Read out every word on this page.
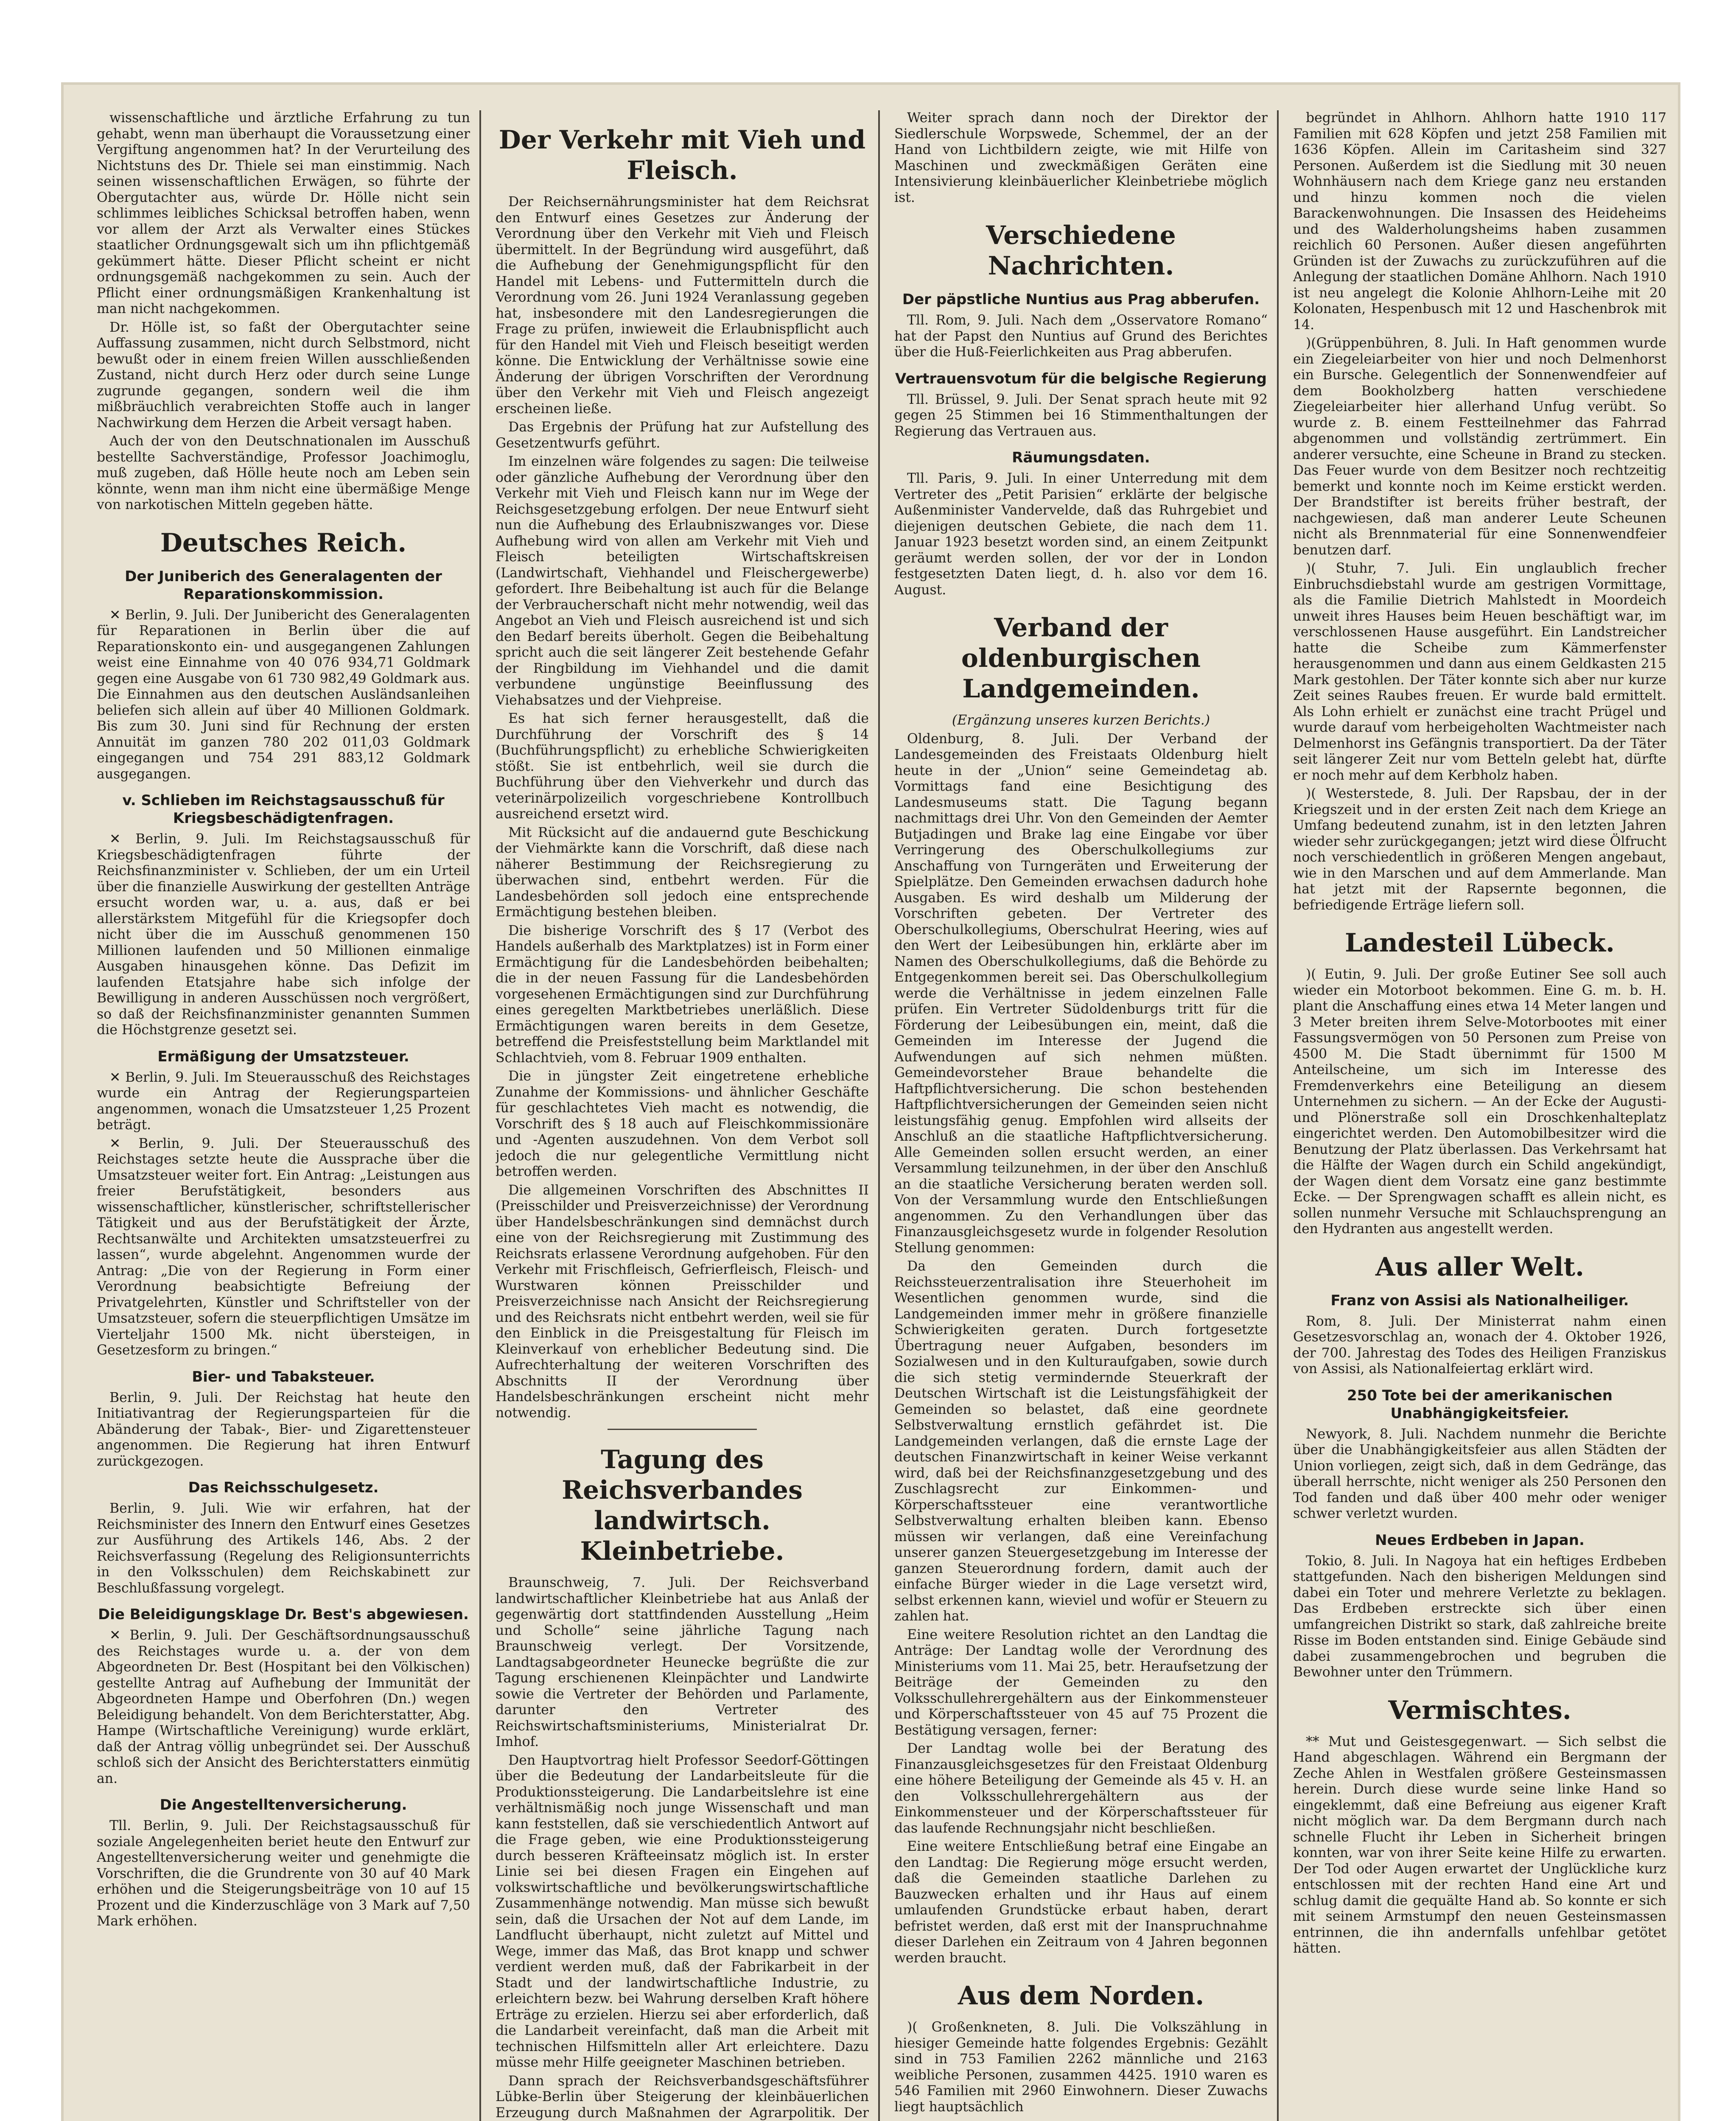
wissenschaftliche und ärztliche Erfahrung zu tun gehabt, wenn man überhaupt die Voraussetzung einer Vergiftung angenommen hat? In der Verurteilung des Nichtstuns des Dr. Thiele sei man einstimmig. Nach seinen wissenschaftlichen Erwägen, so führte der Obergutachter aus, würde Dr. Hölle nicht sein schlimmes leibliches Schicksal betroffen haben, wenn vor allem der Arzt als Verwalter eines Stückes staatlicher Ordnungsgewalt sich um ihn pflichtgemäß gekümmert hätte. Dieser Pflicht scheint er nicht ordnungsgemäß nachgekommen zu sein. Auch der Pflicht einer ordnungsmäßigen Krankenhaltung ist man nicht nachgekommen.

Dr. Hölle ist, so faßt der Obergutachter seine Auffassung zusammen, nicht durch Selbstmord, nicht bewußt oder in einem freien Willen ausschließenden Zustand, nicht durch Herz oder durch seine Lunge zugrunde gegangen, sondern weil die ihm mißbräuchlich verabreichten Stoffe auch in langer Nachwirkung dem Herzen die Arbeit versagt haben.

Auch der von den Deutschnationalen im Ausschuß bestellte Sachverständige, Professor Joachimoglu, muß zugeben, daß Hölle heute noch am Leben sein könnte, wenn man ihm nicht eine übermäßige Menge von narkotischen Mitteln gegeben hätte.

Deutsches Reich.
Der Juniberich des Generalagenten der Reparationskommission.

✕ Berlin, 9. Juli. Der Junibericht des Generalagenten für Reparationen in Berlin über die auf Reparationskonto ein- und ausgegangenen Zahlungen weist eine Einnahme von 40 076 934,71 Goldmark gegen eine Ausgabe von 61 730 982,49 Goldmark aus. Die Einnahmen aus den deutschen Ausländsanleihen beliefen sich allein auf über 40 Millionen Goldmark. Bis zum 30. Juni sind für Rechnung der ersten Annuität im ganzen 780 202 011,03 Goldmark eingegangen und 754 291 883,12 Goldmark ausgegangen.

v. Schlieben im Reichstagsausschuß für Kriegsbeschädigtenfragen.

✕ Berlin, 9. Juli. Im Reichstagsausschuß für Kriegsbeschädigtenfragen führte der Reichsfinanzminister v. Schlieben, der um ein Urteil über die finanzielle Auswirkung der gestellten Anträge ersucht worden war, u. a. aus, daß er bei allerstärkstem Mitgefühl für die Kriegsopfer doch nicht über die im Ausschuß genommenen 150 Millionen laufenden und 50 Millionen einmalige Ausgaben hinausgehen könne. Das Defizit im laufenden Etatsjahre habe sich infolge der Bewilligung in anderen Ausschüssen noch vergrößert, so daß der Reichsfinanzminister genannten Summen die Höchstgrenze gesetzt sei.

Ermäßigung der Umsatzsteuer.

✕ Berlin, 9. Juli. Im Steuerausschuß des Reichstages wurde ein Antrag der Regierungsparteien angenommen, wonach die Umsatzsteuer 1,25 Prozent beträgt.

✕ Berlin, 9. Juli. Der Steuerausschuß des Reichstages setzte heute die Aussprache über die Umsatzsteuer weiter fort. Ein Antrag: „Leistungen aus freier Berufstätigkeit, besonders aus wissenschaftlicher, künstlerischer, schriftstellerischer Tätigkeit und aus der Berufstätigkeit der Ärzte, Rechtsanwälte und Architekten umsatzsteuerfrei zu lassen“, wurde abgelehnt. Angenommen wurde der Antrag: „Die von der Regierung in Form einer Verordnung beabsichtigte Befreiung der Privatgelehrten, Künstler und Schriftsteller von der Umsatzsteuer, sofern die steuerpflichtigen Umsätze im Vierteljahr 1500 Mk. nicht übersteigen, in Gesetzesform zu bringen.“

Bier- und Tabaksteuer.

Berlin, 9. Juli. Der Reichstag hat heute den Initiativantrag der Regierungsparteien für die Abänderung der Tabak-, Bier- und Zigarettensteuer angenommen. Die Regierung hat ihren Entwurf zurückgezogen.

Das Reichsschulgesetz.

Berlin, 9. Juli. Wie wir erfahren, hat der Reichsminister des Innern den Entwurf eines Gesetzes zur Ausführung des Artikels 146, Abs. 2 der Reichsverfassung (Regelung des Religionsunterrichts in den Volksschulen) dem Reichskabinett zur Beschlußfassung vorgelegt.

Die Beleidigungsklage Dr. Best's abgewiesen.

✕ Berlin, 9. Juli. Der Geschäftsordnungsausschuß des Reichstages wurde u. a. der von dem Abgeordneten Dr. Best (Hospitant bei den Völkischen) gestellte Antrag auf Aufhebung der Immunität der Abgeordneten Hampe und Oberfohren (Dn.) wegen Beleidigung behandelt. Von dem Berichterstatter, Abg. Hampe (Wirtschaftliche Vereinigung) wurde erklärt, daß der Antrag völlig unbegründet sei. Der Ausschuß schloß sich der Ansicht des Berichterstatters einmütig an.

Die Angestelltenversicherung.

Tll. Berlin, 9. Juli. Der Reichstagsausschuß für soziale Angelegenheiten beriet heute den Entwurf zur Angestelltenversicherung weiter und genehmigte die Vorschriften, die die Grundrente von 30 auf 40 Mark erhöhen und die Steigerungsbeiträge von 10 auf 15 Prozent und die Kinderzuschläge von 3 Mark auf 7,50 Mark erhöhen.

Der Verkehr mit Vieh und Fleisch.

Der Reichsernährungsminister hat dem Reichsrat den Entwurf eines Gesetzes zur Änderung der Verordnung über den Verkehr mit Vieh und Fleisch übermittelt. In der Begründung wird ausgeführt, daß die Aufhebung der Genehmigungspflicht für den Handel mit Lebens- und Futtermitteln durch die Verordnung vom 26. Juni 1924 Veranlassung gegeben hat, insbesondere mit den Landesregierungen die Frage zu prüfen, inwieweit die Erlaubnispflicht auch für den Handel mit Vieh und Fleisch beseitigt werden könne. Die Entwicklung der Verhältnisse sowie eine Änderung der übrigen Vorschriften der Verordnung über den Verkehr mit Vieh und Fleisch angezeigt erscheinen ließe.

Das Ergebnis der Prüfung hat zur Aufstellung des Gesetzentwurfs geführt.

Im einzelnen wäre folgendes zu sagen: Die teilweise oder gänzliche Aufhebung der Verordnung über den Verkehr mit Vieh und Fleisch kann nur im Wege der Reichsgesetzgebung erfolgen. Der neue Entwurf sieht nun die Aufhebung des Erlaubniszwanges vor. Diese Aufhebung wird von allen am Verkehr mit Vieh und Fleisch beteiligten Wirtschaftskreisen (Landwirtschaft, Viehhandel und Fleischergewerbe) gefordert. Ihre Beibehaltung ist auch für die Belange der Verbraucherschaft nicht mehr notwendig, weil das Angebot an Vieh und Fleisch ausreichend ist und sich den Bedarf bereits überholt. Gegen die Beibehaltung spricht auch die seit längerer Zeit bestehende Gefahr der Ringbildung im Viehhandel und die damit verbundene ungünstige Beeinflussung des Viehabsatzes und der Viehpreise.

Es hat sich ferner herausgestellt, daß die Durchführung der Vorschrift des § 14 (Buchführungspflicht) zu erhebliche Schwierigkeiten stößt. Sie ist entbehrlich, weil sie durch die Buchführung über den Viehverkehr und durch das veterinärpolizeilich vorgeschriebene Kontrollbuch ausreichend ersetzt wird.

Mit Rücksicht auf die andauernd gute Beschickung der Viehmärkte kann die Vorschrift, daß diese nach näherer Bestimmung der Reichsregierung zu überwachen sind, entbehrt werden. Für die Landesbehörden soll jedoch eine entsprechende Ermächtigung bestehen bleiben.

Die bisherige Vorschrift des § 17 (Verbot des Handels außerhalb des Marktplatzes) ist in Form einer Ermächtigung für die Landesbehörden beibehalten; die in der neuen Fassung für die Landesbehörden vorgesehenen Ermächtigungen sind zur Durchführung eines geregelten Marktbetriebes unerläßlich. Diese Ermächtigungen waren bereits in dem Gesetze, betreffend die Preisfeststellung beim Marktlandel mit Schlachtvieh, vom 8. Februar 1909 enthalten.

Die in jüngster Zeit eingetretene erhebliche Zunahme der Kommissions- und ähnlicher Geschäfte für geschlachtetes Vieh macht es notwendig, die Vorschrift des § 18 auch auf Fleischkommissionäre und -Agenten auszudehnen. Von dem Verbot soll jedoch die nur gelegentliche Vermittlung nicht betroffen werden.

Die allgemeinen Vorschriften des Abschnittes II (Preisschilder und Preisverzeichnisse) der Verordnung über Handelsbeschränkungen sind demnächst durch eine von der Reichsregierung mit Zustimmung des Reichsrats erlassene Verordnung aufgehoben. Für den Verkehr mit Frischfleisch, Gefrierfleisch, Fleisch- und Wurstwaren können Preisschilder und Preisverzeichnisse nach Ansicht der Reichsregierung und des Reichsrats nicht entbehrt werden, weil sie für den Einblick in die Preisgestaltung für Fleisch im Kleinverkauf von erheblicher Bedeutung sind. Die Aufrechterhaltung der weiteren Vorschriften des Abschnitts II der Verordnung über Handelsbeschränkungen erscheint nicht mehr notwendig.

Tagung des Reichsverbandes landwirtsch. Kleinbetriebe.

Braunschweig, 7. Juli. Der Reichsverband landwirtschaftlicher Kleinbetriebe hat aus Anlaß der gegenwärtig dort stattfindenden Ausstellung „Heim und Scholle“ seine jährliche Tagung nach Braunschweig verlegt. Der Vorsitzende, Landtagsabgeordneter Heunecke begrüßte die zur Tagung erschienenen Kleinpächter und Landwirte sowie die Vertreter der Behörden und Parlamente, darunter den Vertreter des Reichswirtschaftsministeriums, Ministerialrat Dr. Imhof.

Den Hauptvortrag hielt Professor Seedorf-Göttingen über die Bedeutung der Landarbeitsleute für die Produktionssteigerung. Die Landarbeitslehre ist eine verhältnismäßig noch junge Wissenschaft und man kann feststellen, daß sie verschiedentlich Antwort auf die Frage geben, wie eine Produktionssteigerung durch besseren Kräfteeinsatz möglich ist. In erster Linie sei bei diesen Fragen ein Eingehen auf volkswirtschaftliche und bevölkerungswirtschaftliche Zusammenhänge notwendig. Man müsse sich bewußt sein, daß die Ursachen der Not auf dem Lande, im Landflucht überhaupt, nicht zuletzt auf Mittel und Wege, immer das Maß, das Brot knapp und schwer verdient werden muß, daß der Fabrikarbeit in der Stadt und der landwirtschaftliche Industrie, zu erleichtern bezw. bei Wahrung derselben Kraft höhere Erträge zu erzielen. Hierzu sei aber erforderlich, daß die Landarbeit vereinfacht, daß man die Arbeit mit technischen Hilfsmitteln aller Art erleichtere. Dazu müsse mehr Hilfe geeigneter Maschinen betrieben.

Dann sprach der Reichsverbandsgeschäftsführer Lübke-Berlin über Steigerung der kleinbäuerlichen Erzeugung durch Maßnahmen der Agrarpolitik. Der

Weiter sprach dann noch der Direktor der Siedlerschule Worpswede, Schemmel, der an der Hand von Lichtbildern zeigte, wie mit Hilfe von Maschinen und zweckmäßigen Geräten eine Intensivierung kleinbäuerlicher Kleinbetriebe möglich ist.

Verschiedene Nachrichten.
Der päpstliche Nuntius aus Prag abberufen.

Tll. Rom, 9. Juli. Nach dem „Osservatore Romano“ hat der Papst den Nuntius auf Grund des Berichtes über die Huß-Feierlichkeiten aus Prag abberufen.

Vertrauensvotum für die belgische Regierung

Tll. Brüssel, 9. Juli. Der Senat sprach heute mit 92 gegen 25 Stimmen bei 16 Stimmenthaltungen der Regierung das Vertrauen aus.

Räumungsdaten.

Tll. Paris, 9. Juli. In einer Unterredung mit dem Vertreter des „Petit Parisien“ erklärte der belgische Außenminister Vandervelde, daß das Ruhrgebiet und diejenigen deutschen Gebiete, die nach dem 11. Januar 1923 besetzt worden sind, an einem Zeitpunkt geräumt werden sollen, der vor der in London festgesetzten Daten liegt, d. h. also vor dem 16. August.

Verband der oldenburgischen Landgemeinden.

(Ergänzung unseres kurzen Berichts.)

Oldenburg, 8. Juli. Der Verband der Landesgemeinden des Freistaats Oldenburg hielt heute in der „Union“ seine Gemeindetag ab. Vormittags fand eine Besichtigung des Landesmuseums statt. Die Tagung begann nachmittags drei Uhr. Von den Gemeinden der Aemter Butjadingen und Brake lag eine Eingabe vor über Verringerung des Oberschulkollegiums zur Anschaffung von Turngeräten und Erweiterung der Spielplätze. Den Gemeinden erwachsen dadurch hohe Ausgaben. Es wird deshalb um Milderung der Vorschriften gebeten. Der Vertreter des Oberschulkollegiums, Oberschulrat Heering, wies auf den Wert der Leibesübungen hin, erklärte aber im Namen des Oberschulkollegiums, daß die Behörde zu Entgegenkommen bereit sei. Das Oberschulkollegium werde die Verhältnisse in jedem einzelnen Falle prüfen. Ein Vertreter Südoldenburgs tritt für die Förderung der Leibesübungen ein, meint, daß die Gemeinden im Interesse der Jugend die Aufwendungen auf sich nehmen müßten. Gemeindevorsteher Braue behandelte die Haftpflichtversicherung. Die schon bestehenden Haftpflichtversicherungen der Gemeinden seien nicht leistungsfähig genug. Empfohlen wird allseits der Anschluß an die staatliche Haftpflichtversicherung. Alle Gemeinden sollen ersucht werden, an einer Versammlung teilzunehmen, in der über den Anschluß an die staatliche Versicherung beraten werden soll. Von der Versammlung wurde den Entschließungen angenommen. Zu den Verhandlungen über das Finanzausgleichsgesetz wurde in folgender Resolution Stellung genommen:

Da den Gemeinden durch die Reichssteuerzentralisation ihre Steuerhoheit im Wesentlichen genommen wurde, sind die Landgemeinden immer mehr in größere finanzielle Schwierigkeiten geraten. Durch fortgesetzte Übertragung neuer Aufgaben, besonders im Sozialwesen und in den Kulturaufgaben, sowie durch die sich stetig vermindernde Steuerkraft der Deutschen Wirtschaft ist die Leistungsfähigkeit der Gemeinden so belastet, daß eine geordnete Selbstverwaltung ernstlich gefährdet ist. Die Landgemeinden verlangen, daß die ernste Lage der deutschen Finanzwirtschaft in keiner Weise verkannt wird, daß bei der Reichsfinanzgesetzgebung und des Zuschlagsrecht zur Einkommen- und Körperschaftssteuer eine verantwortliche Selbstverwaltung erhalten bleiben kann. Ebenso müssen wir verlangen, daß eine Vereinfachung unserer ganzen Steuergesetzgebung im Interesse der ganzen Steuerordnung fordern, damit auch der einfache Bürger wieder in die Lage versetzt wird, selbst erkennen kann, wieviel und wofür er Steuern zu zahlen hat.

Eine weitere Resolution richtet an den Landtag die Anträge: Der Landtag wolle der Verordnung des Ministeriums vom 11. Mai 25, betr. Heraufsetzung der Beiträge der Gemeinden zu den Volksschullehrergehältern aus der Einkommensteuer und Körperschaftssteuer von 45 auf 75 Prozent die Bestätigung versagen, ferner:

Der Landtag wolle bei der Beratung des Finanzausgleichsgesetzes für den Freistaat Oldenburg eine höhere Beteiligung der Gemeinde als 45 v. H. an den Volksschullehrergehältern aus der Einkommensteuer und der Körperschaftssteuer für das laufende Rechnungsjahr nicht beschließen.

Eine weitere Entschließung betraf eine Eingabe an den Landtag: Die Regierung möge ersucht werden, daß die Gemeinden staatliche Darlehen zu Bauzwecken erhalten und ihr Haus auf einem umlaufenden Grundstücke erbaut haben, derart befristet werden, daß erst mit der Inanspruchnahme dieser Darlehen ein Zeitraum von 4 Jahren begonnen werden braucht.

Aus dem Norden.

)( Großenkneten, 8. Juli. Die Volkszählung in hiesiger Gemeinde hatte folgendes Ergebnis: Gezählt sind in 753 Familien 2262 männliche und 2163 weibliche Personen, zusammen 4425. 1910 waren es 546 Familien mit 2960 Einwohnern. Dieser Zuwachs liegt hauptsächlich

begründet in Ahlhorn. Ahlhorn hatte 1910 117 Familien mit 628 Köpfen und jetzt 258 Familien mit 1636 Köpfen. Allein im Caritasheim sind 327 Personen. Außerdem ist die Siedlung mit 30 neuen Wohnhäusern nach dem Kriege ganz neu erstanden und hinzu kommen noch die vielen Barackenwohnungen. Die Insassen des Heideheims und des Walderholungsheims haben zusammen reichlich 60 Personen. Außer diesen angeführten Gründen ist der Zuwachs zu zurückzuführen auf die Anlegung der staatlichen Domäne Ahlhorn. Nach 1910 ist neu angelegt die Kolonie Ahlhorn-Leihe mit 20 Kolonaten, Hespenbusch mit 12 und Haschenbrok mit 14.

)(Grüppenbühren, 8. Juli. In Haft genommen wurde ein Ziegeleiarbeiter von hier und noch Delmenhorst ein Bursche. Gelegentlich der Sonnenwendfeier auf dem Bookholzberg hatten verschiedene Ziegeleiarbeiter hier allerhand Unfug verübt. So wurde z. B. einem Festteilnehmer das Fahrrad abgenommen und vollständig zertrümmert. Ein anderer versuchte, eine Scheune in Brand zu stecken. Das Feuer wurde von dem Besitzer noch rechtzeitig bemerkt und konnte noch im Keime erstickt werden. Der Brandstifter ist bereits früher bestraft, der nachgewiesen, daß man anderer Leute Scheunen nicht als Brennmaterial für eine Sonnenwendfeier benutzen darf.

)( Stuhr, 7. Juli. Ein unglaublich frecher Einbruchsdiebstahl wurde am gestrigen Vormittage, als die Familie Dietrich Mahlstedt in Moordeich unweit ihres Hauses beim Heuen beschäftigt war, im verschlossenen Hause ausgeführt. Ein Landstreicher hatte die Scheibe zum Kämmerfenster herausgenommen und dann aus einem Geldkasten 215 Mark gestohlen. Der Täter konnte sich aber nur kurze Zeit seines Raubes freuen. Er wurde bald ermittelt. Als Lohn erhielt er zunächst eine tracht Prügel und wurde darauf vom herbeigeholten Wachtmeister nach Delmenhorst ins Gefängnis transportiert. Da der Täter seit längerer Zeit nur vom Betteln gelebt hat, dürfte er noch mehr auf dem Kerbholz haben.

)( Westerstede, 8. Juli. Der Rapsbau, der in der Kriegszeit und in der ersten Zeit nach dem Kriege an Umfang bedeutend zunahm, ist in den letzten Jahren wieder sehr zurückgegangen; jetzt wird diese Ölfrucht noch verschiedentlich in größeren Mengen angebaut, wie in den Marschen und auf dem Ammerlande. Man hat jetzt mit der Rapsernte begonnen, die befriedigende Erträge liefern soll.

Landesteil Lübeck.

)( Eutin, 9. Juli. Der große Eutiner See soll auch wieder ein Motorboot bekommen. Eine G. m. b. H. plant die Anschaffung eines etwa 14 Meter langen und 3 Meter breiten ihrem Selve-Motorbootes mit einer Fassungsvermögen von 50 Personen zum Preise von 4500 M. Die Stadt übernimmt für 1500 M Anteilscheine, um sich im Interesse des Fremdenverkehrs eine Beteiligung an diesem Unternehmen zu sichern. — An der Ecke der Augusti- und Plönerstraße soll ein Droschkenhalteplatz eingerichtet werden. Den Automobilbesitzer wird die Benutzung der Platz überlassen. Das Verkehrsamt hat die Hälfte der Wagen durch ein Schild angekündigt, der Wagen dient dem Vorsatz eine ganz bestimmte Ecke. — Der Sprengwagen schafft es allein nicht, es sollen nunmehr Versuche mit Schlauchsprengung an den Hydranten aus angestellt werden.

Aus aller Welt.
Franz von Assisi als Nationalheiliger.

Rom, 8. Juli. Der Ministerrat nahm einen Gesetzesvorschlag an, wonach der 4. Oktober 1926, der 700. Jahrestag des Todes des Heiligen Franziskus von Assisi, als Nationalfeiertag erklärt wird.

250 Tote bei der amerikanischen Unabhängigkeitsfeier.

Newyork, 8. Juli. Nachdem nunmehr die Berichte über die Unabhängigkeitsfeier aus allen Städten der Union vorliegen, zeigt sich, daß in dem Gedränge, das überall herrschte, nicht weniger als 250 Personen den Tod fanden und daß über 400 mehr oder weniger schwer verletzt wurden.

Neues Erdbeben in Japan.

Tokio, 8. Juli. In Nagoya hat ein heftiges Erdbeben stattgefunden. Nach den bisherigen Meldungen sind dabei ein Toter und mehrere Verletzte zu beklagen. Das Erdbeben erstreckte sich über einen umfangreichen Distrikt so stark, daß zahlreiche breite Risse im Boden entstanden sind. Einige Gebäude sind dabei zusammengebrochen und begruben die Bewohner unter den Trümmern.

Vermischtes.

** Mut und Geistesgegenwart. — Sich selbst die Hand abgeschlagen. Während ein Bergmann der Zeche Ahlen in Westfalen größere Gesteinsmassen herein. Durch diese wurde seine linke Hand so eingeklemmt, daß eine Befreiung aus eigener Kraft nicht möglich war. Da dem Bergmann durch nach schnelle Flucht ihr Leben in Sicherheit bringen konnten, war von ihrer Seite keine Hilfe zu erwarten. Der Tod oder Augen erwartet der Unglückliche kurz entschlossen mit der rechten Hand eine Art und schlug damit die gequälte Hand ab. So konnte er sich mit seinem Armstumpf den neuen Gesteinsmassen entrinnen, die ihn andernfalls unfehlbar getötet hätten.
